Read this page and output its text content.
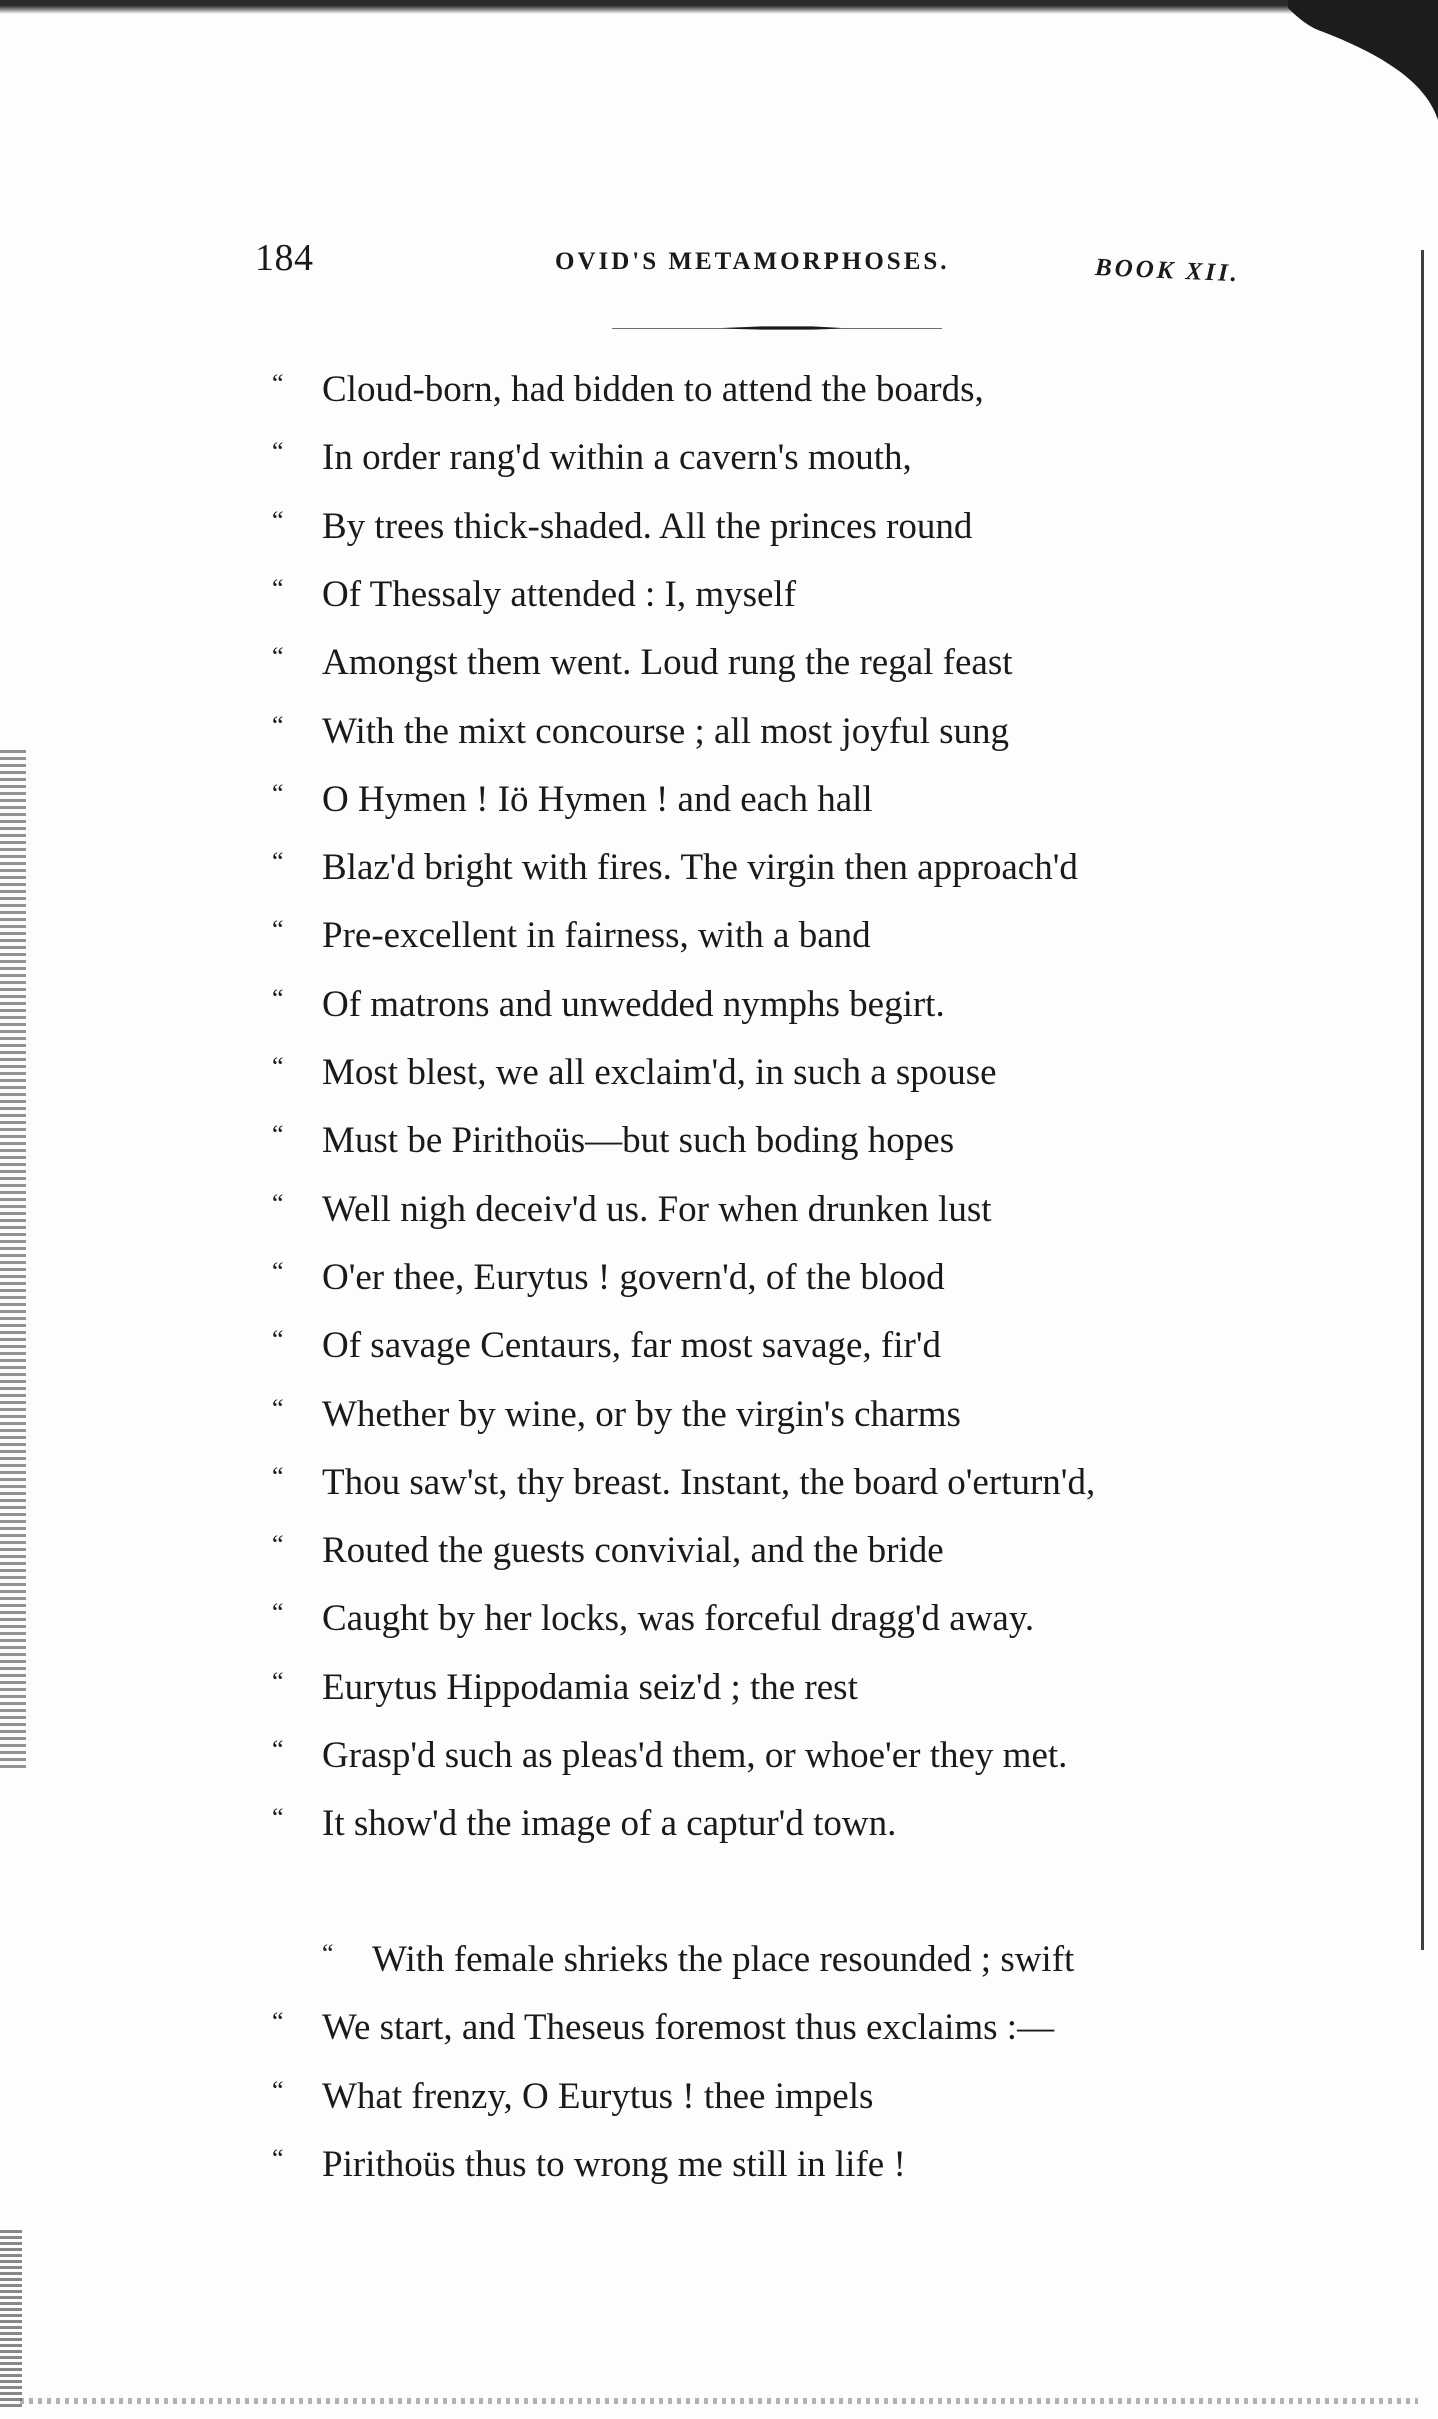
184	OVID'S METAMORPHOSES.	BOOK XII.
“ Cloud-born, had bidden to attend the boards,
“ In order rang'd within a cavern's mouth,
“ By trees thick-shaded. All the princes round
“ Of Thessaly attended : I, myself
“ Amongst them went. Loud rung the regal feast
“ With the mixt concourse ; all most joyful sung
“ O Hymen ! Iö Hymen ! and each hall
“ Blaz'd bright with fires. The virgin then approach'd
“ Pre-excellent in fairness, with a band
“ Of matrons and unwedded nymphs begirt.
“ Most blest, we all exclaim'd, in such a spouse
“ Must be Pirithoüs—but such boding hopes
“ Well nigh deceiv'd us. For when drunken lust
“ O'er thee, Eurytus ! govern'd, of the blood
“ Of savage Centaurs, far most savage, fir'd
“ Whether by wine, or by the virgin's charms
“ Thou saw'st, thy breast. Instant, the board o'erturn'd,
“ Routed the guests convivial, and the bride
“ Caught by her locks, was forceful dragg'd away.
“ Eurytus Hippodamia seiz'd ; the rest
“ Grasp'd such as pleas'd them, or whoe'er they met.
“ It show'd the image of a captur'd town.
“ With female shrieks the place resounded ; swift
“ We start, and Theseus foremost thus exclaims :—
“ What frenzy, O Eurytus ! thee impels
“ Pirithoüs thus to wrong me still in life !
